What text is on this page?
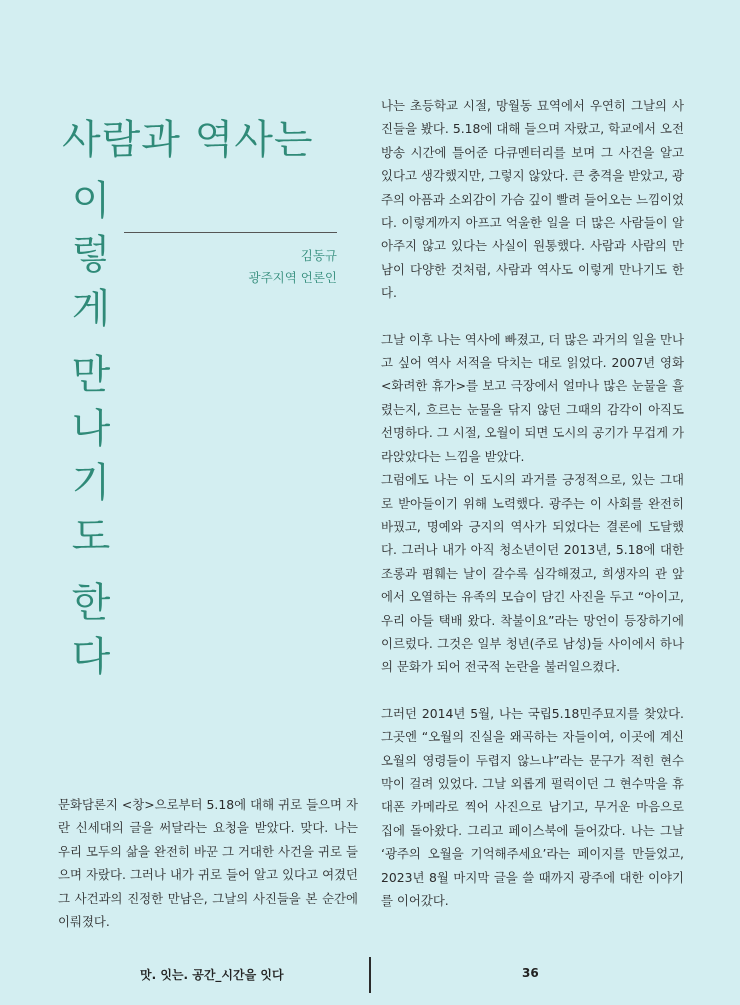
사람과 역사는
이
렇
게
만
나
기
도
한
다
김동규
광주지역 언론인

나는 초등학교 시절, 망월동 묘역에서 우연히 그날의 사진들을 봤다. 5.18에 대해 들으며 자랐고, 학교에서 오전 방송 시간에 틀어준 다큐멘터리를 보며 그 사건을 알고 있다고 생각했지만, 그렇지 않았다. 큰 충격을 받았고, 광주의 아픔과 소외감이 가슴 깊이 빨려 들어오는 느낌이었다. 이렇게까지 아프고 억울한 일을 더 많은 사람들이 알아주지 않고 있다는 사실이 원통했다. 사람과 사람의 만남이 다양한 것처럼, 사람과 역사도 이렇게 만나기도 한다.

그날 이후 나는 역사에 빠졌고, 더 많은 과거의 일을 만나고 싶어 역사 서적을 닥치는 대로 읽었다. 2007년 영화 <화려한 휴가>를 보고 극장에서 얼마나 많은 눈물을 흘렸는지, 흐르는 눈물을 닦지 않던 그때의 감각이 아직도 선명하다. 그 시절, 오월이 되면 도시의 공기가 무겁게 가라앉았다는 느낌을 받았다.

그럼에도 나는 이 도시의 과거를 긍정적으로, 있는 그대로 받아들이기 위해 노력했다. 광주는 이 사회를 완전히 바꿨고, 명예와 긍지의 역사가 되었다는 결론에 도달했다. 그러나 내가 아직 청소년이던 2013년, 5.18에 대한 조롱과 폄훼는 날이 갈수록 심각해졌고, 희생자의 관 앞에서 오열하는 유족의 모습이 담긴 사진을 두고 “아이고, 우리 아들 택배 왔다. 착불이요”라는 망언이 등장하기에 이르렀다. 그것은 일부 청년(주로 남성)들 사이에서 하나의 문화가 되어 전국적 논란을 불러일으켰다.

그러던 2014년 5월, 나는 국립5.18민주묘지를 찾았다. 그곳엔 “오월의 진실을 왜곡하는 자들이여, 이곳에 계신 오월의 영령들이 두렵지 않느냐”라는 문구가 적힌 현수막이 걸려 있었다. 그날 외롭게 펄럭이던 그 현수막을 휴대폰 카메라로 찍어 사진으로 남기고, 무거운 마음으로 집에 돌아왔다. 그리고 페이스북에 들어갔다. 나는 그날 ‘광주의 오월을 기억해주세요’라는 페이지를 만들었고, 2023년 8월 마지막 글을 쓸 때까지 광주에 대한 이야기를 이어갔다.

문화담론지 <창>으로부터 5.18에 대해 귀로 들으며 자란 신세대의 글을 써달라는 요청을 받았다. 맞다. 나는 우리 모두의 삶을 완전히 바꾼 그 거대한 사건을 귀로 들으며 자랐다. 그러나 내가 귀로 들어 알고 있다고 여겼던 그 사건과의 진정한 만남은, 그날의 사진들을 본 순간에 이뤄졌다.

맛. 잇는. 공간_시간을 잇다	36
